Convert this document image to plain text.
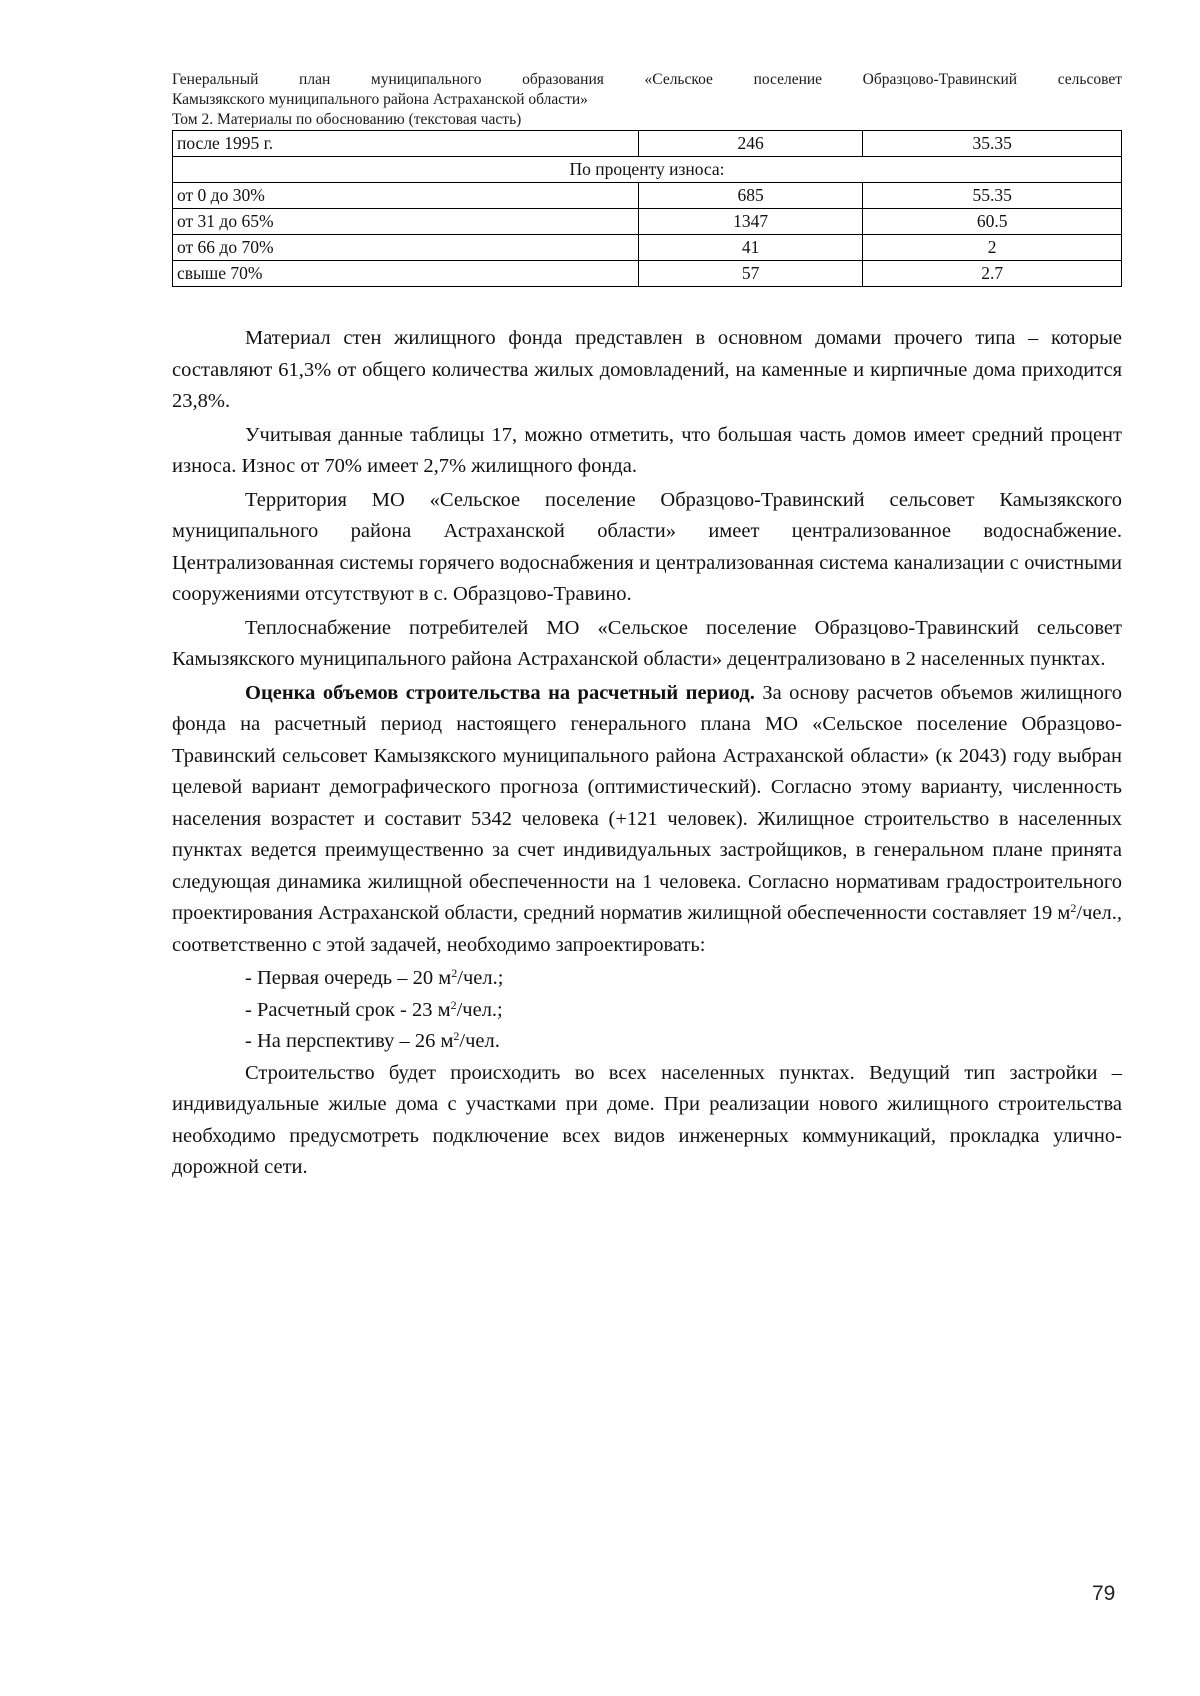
Генеральный план муниципального образования «Сельское поселение Образцово-Травинский сельсовет
Камызякского муниципального района Астраханской области»
Том 2. Материалы по обоснованию (текстовая часть)
после 1995 г.	246	35.35
По проценту износа:		
от 0 до 30%	685	55.35
от 31 до 65%	1347	60.5
от 66 до 70%	41	2
свыше 70%	57	2.7

Материал стен жилищного фонда представлен в основном домами прочего типа – которые составляют 61,3% от общего количества жилых домовладений, на каменные и кирпичные дома приходится 23,8%.

Учитывая данные таблицы 17, можно отметить, что большая часть домов имеет средний процент износа. Износ от 70% имеет 2,7% жилищного фонда.

Территория МО «Сельское поселение Образцово-Травинский сельсовет Камызякского муниципального района Астраханской области» имеет централизованное водоснабжение. Централизованная системы горячего водоснабжения и централизованная система канализации с очистными сооружениями отсутствуют в с. Образцово-Травино.

Теплоснабжение потребителей МО «Сельское поселение Образцово-Травинский сельсовет Камызякского муниципального района Астраханской области» децентрализовано в 2 населенных пунктах.

Оценка объемов строительства на расчетный период. За основу расчетов объемов жилищного фонда на расчетный период настоящего генерального плана МО «Сельское поселение Образцово-Травинский сельсовет Камызякского муниципального района Астраханской области» (к 2043) году выбран целевой вариант демографического прогноза (оптимистический). Согласно этому варианту, численность населения возрастет и составит 5342 человека (+121 человек). Жилищное строительство в населенных пунктах ведется преимущественно за счет индивидуальных застройщиков, в генеральном плане принята следующая динамика жилищной обеспеченности на 1 человека. Согласно нормативам градостроительного проектирования Астраханской области, средний норматив жилищной обеспеченности составляет 19 $м^2$/чел., соответственно с этой задачей, необходимо запроектировать:

- Первая очередь – 20 $м^2$/чел.;

- Расчетный срок - 23 $м^2$/чел.;

- На перспективу – 26 $м^2$/чел.

Строительство будет происходить во всех населенных пунктах. Ведущий тип застройки – индивидуальные жилые дома с участками при доме. При реализации нового жилищного строительства необходимо предусмотреть подключение всех видов инженерных коммуникаций, прокладка улично-дорожной сети.

79
